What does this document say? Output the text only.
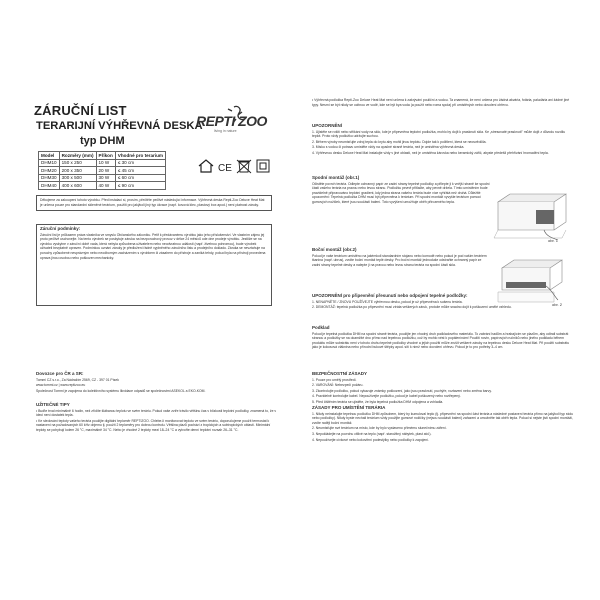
ZÁRUČNÍ LIST
TERARIJNÍ VÝHŘEVNÁ DESKA
typ DHM
REPTI ZOO
living in nature
Model	Rozměry (mm)	Příkon	Vhodné pro terarium
DHM10	150 x 250	10 W	≤ 30 cm
DHM20	200 x 350	20 W	≤ 45 cm
DHM30	300 x 500	30 W	≤ 60 cm
DHM40	400 x 600	40 W	≤ 90 cm
CE

Děkujeme za zakoupení tohoto výrobku. Před instalací si, prosím, přečtěte pečlivě následující informace. Výhřevná deska Repti-Zoo Deluxe Heat Mat je určena pouze pro standardní skleněné terárium, použití pro jakýkoli jiný typ úkrace (např. kovová klec, plastový box apod.) není platnost záruky.

Záruční podmínky:

Záruční list je průkazem práva vlastníka ve smyslu Občanského zákoníku. Petif k předávanému výrobku jako jeho příslušenství. Ve vlastním zájmu jej proto pečlivě uschovejte. Na tento výrobek se poskytuje záruka na bezporuchový provoz v délce 24 měsíců ode dne prodeje výrobku. Jestliže se na výrobku vyskytne v záruční době vada, která nebyla způsobena uživatelem nebo neodvratnou událostí (např. živelnou pohromou), bude výrobek uživateli bezplatně opraven. Podmínkou uznání záruky je předložení řádně vyplněného záručního listu a prodejního dokladu. Záruka se nevztahuje na poruchy způsobené nesprávným nebo neodborným zacházením s výrobkem či zásahem do přístroje a zaniká tehdy, pokud byla na přístroji provedena oprava jinou osobou nebo poškozen mechanicky.

Dovozce pro ČR a SR:

Tommi CZ s.r.o., Za Nádražím 2569, CZ - 397 01 Písek

www.tommi.cz | www.reptizoo.eu

Společnost Tommi je zapojena do kolektivního systému likvidace odpadů se společnostmi ASEKOL a EKO-KOM.

UŽITEČNÉ TIPY

• Buďte trval minimálně 6 hodin, než zřídíte šlábanou teplotu ve svém teráriu. Pokud vaše zvíře trávilo většinu čas v blízkosti teplotní podložky, znamená to, že v ideci není dostatek tepla.

• Ke sledování teploty vašeho terária použijte digitální teploměr REPTIZOO. Chlebe-li monitorovat teplotu ve svém teráriu, doporučujeme použít termostat k nastavení na požadovaných 60 kHz objemu tj. použít 2 teploměry pro dobrou kontrolu. Většina plazů pochází z tropických a subtropických oblastí. Minimální teploty se pohybují kolem 26 °C, maximálně 34 °C. Nebo je vhodné 2 teploty mezi 18–24 °C a vytvořte denní teplotní rozsah 26–31 °C.

• Výhřevná podložka Repti-Zoo Deluxe Heat Mat není určena k zakrývání pouliční a vodou. Ta znamená, že není určena pro žádná akvária, fotária, paludária ani žádné jiné typy. Nesmí se být nikdy se ocitnou ve vodě, kde se být bya voda (a použít nebo roma spola) při umístěných nebo dovolení ohřevu.

UPOZORNĚNÍ

1. Ujistěte se rošití nebo stříkání vody na sklo, kde je připevněna teplotní podložka, mohlo by dojít k prasknutí skla. Ke „stresovaté prasknutí" může dojít z důvodu rozdílu teplot. Proto vždy podložku udržujte suchou.

2. Během výroby neumisťujte zdroj tepla do krytu aby mohli jinou teplotu. Dojde tak k polžtlení, která se neosvědčila.

3. Mísku s vodou či potravu umístěte vždy na opačné straně terária, než je umístěna výhřevná deska.

4. Výhřevnou desku Deluxe Heat Mat instalujte vždy v jiné oblasti, než je umístěna žárovka nebo keramický zářič, abyste předešli přehřívání hromadění tepla.

Spodní montáž (obr.1)

Očistěte povrch terária. Odlepte ochranný papír ze zadní strany tepelné podložky a přilepte ji k vnější straně ke spodní části vašeho terária na pravou nebo levou stranu. Podložku pevně přitlačte, aby pevně držela. Tímto umístěním bude pravidelně připravováno teplotní gradient, kdy jedna strana vašeho terária bude více vyhřátá než druhá. Důležité upozornění: Tepelná podložka DHM musí být připevněna k terárium. Při spodní montáži vyvyšte terárium pomocí gumových nožiček, které jsou součástí balení. Toto vyvýšení umožňuje oběh přirozeného tepla.

obr. 1
Boční montáž (obr.2)

Pokud je vaše terárium umístěno na jakémkoli standardním stojanu nebo komodě nebo pokud je pod vaším teráriem tkanina (např. ubrus), zvolte boční montáž teplé desky. Pro boční montáž jednoduše odstraňte ochranný papír ze zadní strany tepelné desky a nalepte ji na pravou nebo levou stranu terária na spodní části skla.

obr. 2
UPOZORNĚNÍ pro připevnění přesunutí nebo odpojení tepelné podložky:

1. NENAPNĚTE / ZNOVU POUŽÍVEJTE výhřevnou desku, pokud je už připevněna k sušenu terária.

2. DEMONTÁŽ: tepelná podložka po připevnění musí ztráta veškerých záruk, protože může snadno dojít k poškození umělé vzhledu.

Podklad

Pokud je tepelná podložka DHM na spodní straně terária, použijte jen vhodný druh podkladového materiálu. To zabrání hadům a hrabajícím se plazům, aby odtrali substrát stranou a podložky se na okamžité dno přímo nad tepelnou podložku, což by mohlo vést k popálenínám! Použití novin, papírových ručníků nebo jiného podkladu během produktu může substrátu není v tohoto druhu tepelné podložky vhodné a jejich použití může zrušit veškeré záruky na tepelnou desku Deluxe Heat Mat. Při použití substrátu jako je kokosová vláknina nebo přírodní bukové štěpky apod. sítí k nimž nebo dovolení ohřevu. Pokud je to pro potřeby 3–4 cm.

BEZPEČNOSTNÍ ZÁSADY

1. Pouze pro umělý prostředí.

2. VAROVÁNÍ: Nebezpečí požáru.

3. Zkontrolujte podložku, pokud vykazuje známky poškození, jako jsou prasknutí, puchýře, roztavení nebo změna barvy.

4. Pravidelně kontrolujte kabel. Nepoužívejte podložku, pokud je kabel poškozený nebo roztřepený.

5. Před čištěním terária se ujistěte, že byla tepelná podložka DHM odpojena a vchladla.

ZÁSADY PRO UMÍSTĚNÍ TERÁRIA

1. Nikdy neinstalujte tepelnou podložku DHM způsobem, který by kumuloval teplo (tj. připevnění na spodní část terária a následné postavení terária přímo na jakýkoli typ stolu nebo podložky). Nikdy byste nechali terárium vždy použijte gumové nožičky (nejsou součástí balení) zařazení a umožněte tak oběh tepla. Pokud si nejste jistí spodní montáží, zvolte raději boční montáž.

2. Neumisťujte své terárium na místo, kde by bylo vystaveno přímému slunečnímu záření.

3. Nepokládejte na povrchu citlivé na teplo (např. starožitný nábytek, plast atd.).

4. Nepoužívejte cívkové nebo kokovitrní podestýlky nebo podložky k zapojení.
